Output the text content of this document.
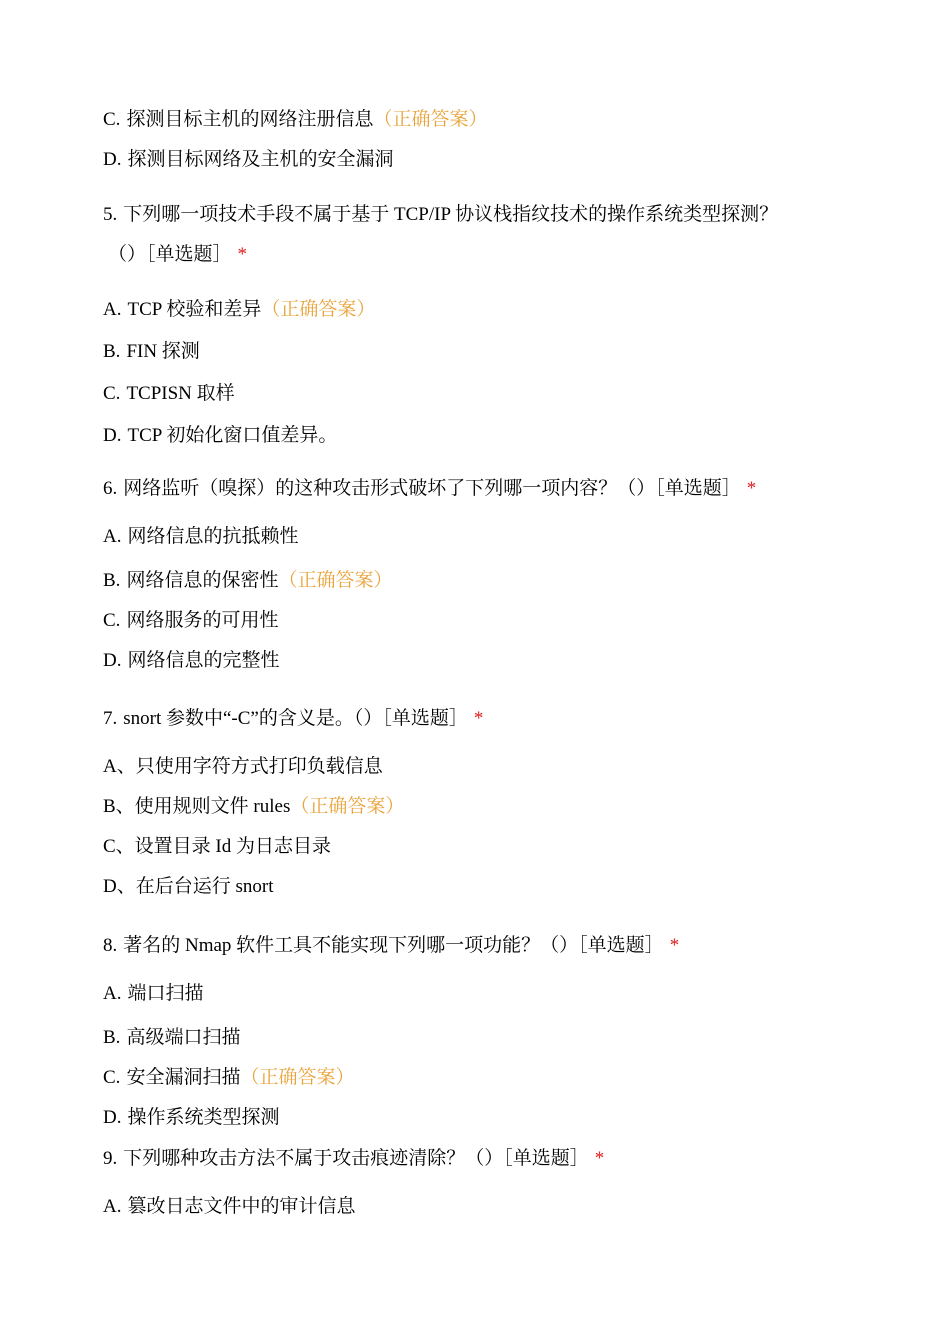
C. 探测目标主机的网络注册信息（正确答案）
D. 探测目标网络及主机的安全漏洞
5. 下列哪一项技术手段不属于基于 TCP/IP 协议栈指纹技术的操作系统类型探测？
（）［单选题］ *
A. TCP 校验和差异（正确答案）
B. FIN 探测
C. TCPISN 取样
D. TCP 初始化窗口值差异。
6. 网络监听（嗅探）的这种攻击形式破坏了下列哪一项内容？（）［单选题］ *
A. 网络信息的抗抵赖性
B. 网络信息的保密性（正确答案）
C. 网络服务的可用性
D. 网络信息的完整性
7. snort 参数中“-C”的含义是。（）［单选题］ *
A、只使用字符方式打印负载信息
B、使用规则文件 rules（正确答案）
C、设置目录 Id 为日志目录
D、在后台运行 snort
8. 著名的 Nmap 软件工具不能实现下列哪一项功能？（）［单选题］ *
A. 端口扫描
B. 高级端口扫描
C. 安全漏洞扫描（正确答案）
D. 操作系统类型探测
9. 下列哪种攻击方法不属于攻击痕迹清除？（）［单选题］ *
A. 篡改日志文件中的审计信息
